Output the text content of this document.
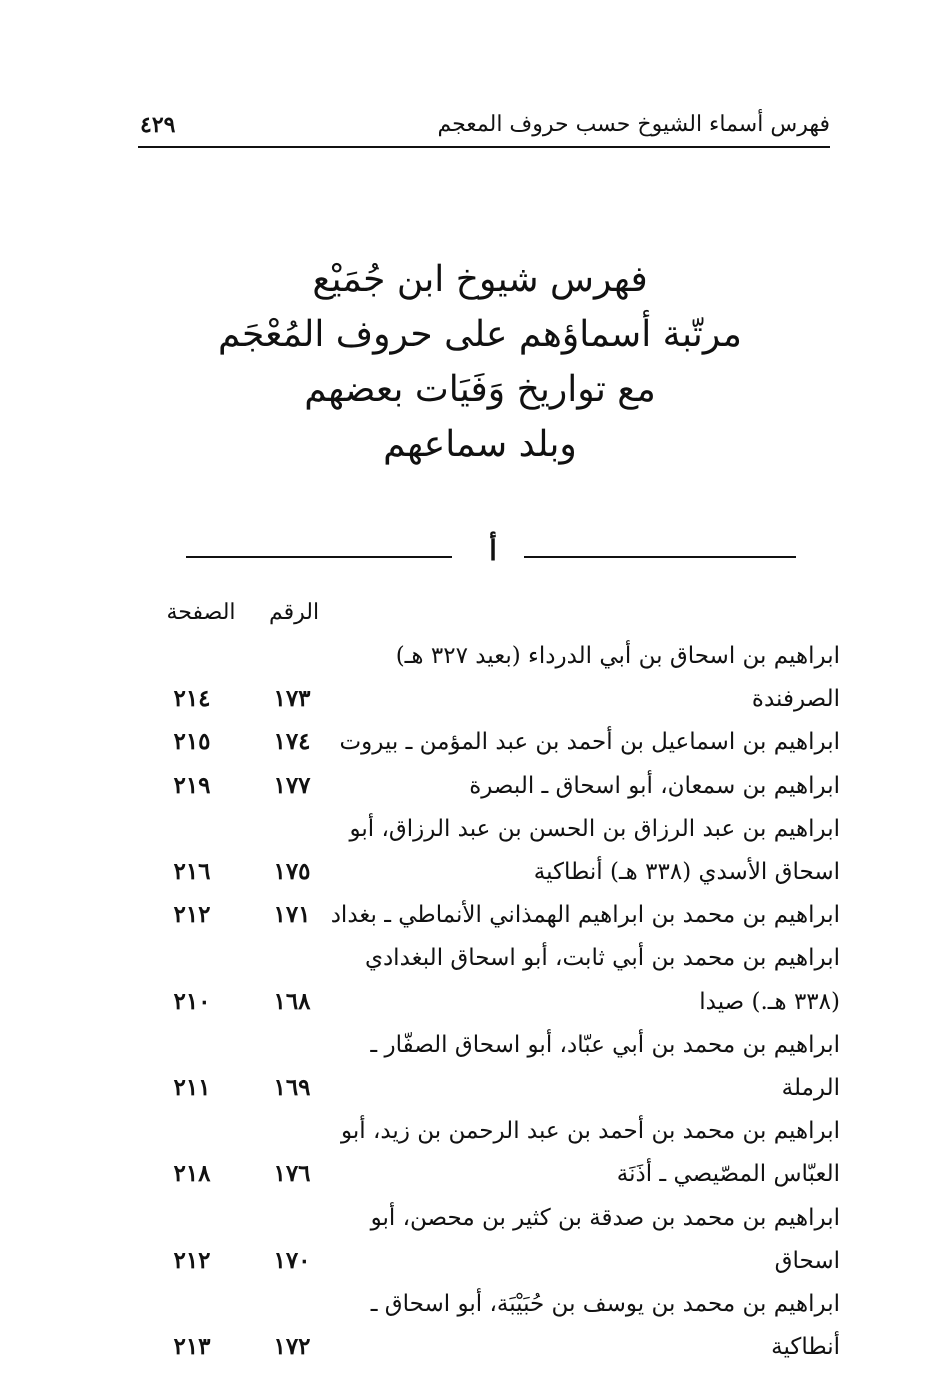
فهرس أسماء الشيوخ حسب حروف المعجم
٤٢٩
فهرس شيوخ ابن جُمَيْع
مرتّبة أسماؤهم على حروف المُعْجَم
مع تواريخ وَفَيَات بعضهم
وبلد سماعهم
أ
الرقم
الصفحة
ابراهيم بن اسحاق بن أبي الدرداء (بعيد ٣٢٧ هـ)
الصرفندة
١٧٣
٢١٤
ابراهيم بن اسماعيل بن أحمد بن عبد المؤمن ـ بيروت
١٧٤
٢١٥
ابراهيم بن سمعان، أبو اسحاق ـ البصرة
١٧٧
٢١٩
ابراهيم بن عبد الرزاق بن الحسن بن عبد الرزاق، أبو
اسحاق الأسدي (٣٣٨ هـ) أنطاكية
١٧٥
٢١٦
ابراهيم بن محمد بن ابراهيم الهمذاني الأنماطي ـ بغداد
١٧١
٢١٢
ابراهيم بن محمد بن أبي ثابت، أبو اسحاق البغدادي
(٣٣٨ هـ.) صيدا
١٦٨
٢١٠
ابراهيم بن محمد بن أبي عبّاد، أبو اسحاق الصفّار ـ
الرملة
١٦٩
٢١١
ابراهيم بن محمد بن أحمد بن عبد الرحمن بن زيد، أبو
العبّاس المصّيصي ـ أذَنَة
١٧٦
٢١٨
ابراهيم بن محمد بن صدقة بن كثير بن محصن، أبو
اسحاق
١٧٠
٢١٢
ابراهيم بن محمد بن يوسف بن حُبَيْبَة، أبو اسحاق ـ
أنطاكية
١٧٢
٢١٣
